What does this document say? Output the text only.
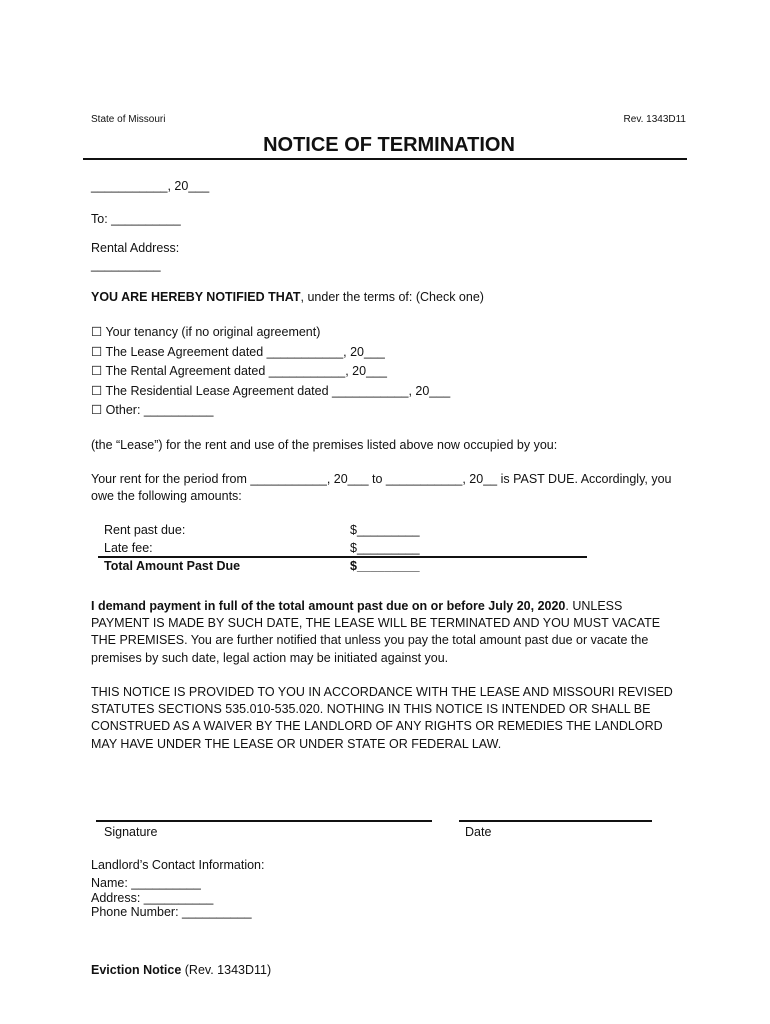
State of Missouri	Rev. 1343D11
NOTICE OF TERMINATION
___________, 20___
To: __________
Rental Address:
__________
YOU ARE HEREBY NOTIFIED THAT, under the terms of: (Check one)
☐ Your tenancy (if no original agreement)
☐ The Lease Agreement dated ___________, 20___
☐ The Rental Agreement dated ___________, 20___
☐ The Residential Lease Agreement dated ___________, 20___
☐ Other: __________
(the “Lease”) for the rent and use of the premises listed above now occupied by you:
Your rent for the period from ___________, 20___ to ___________, 20__ is PAST DUE. Accordingly, you
owe the following amounts:
Rent past due:	$_________
Late fee:	$_________
Total Amount Past Due	$_________
I demand payment in full of the total amount past due on or before July 20, 2020. UNLESS
PAYMENT IS MADE BY SUCH DATE, THE LEASE WILL BE TERMINATED AND YOU MUST VACATE
THE PREMISES. You are further notified that unless you pay the total amount past due or vacate the
premises by such date, legal action may be initiated against you.
THIS NOTICE IS PROVIDED TO YOU IN ACCORDANCE WITH THE LEASE AND MISSOURI REVISED
STATUTES SECTIONS 535.010-535.020. NOTHING IN THIS NOTICE IS INTENDED OR SHALL BE
CONSTRUED AS A WAIVER BY THE LANDLORD OF ANY RIGHTS OR REMEDIES THE LANDLORD
MAY HAVE UNDER THE LEASE OR UNDER STATE OR FEDERAL LAW.
Signature	Date
Landlord’s Contact Information:
Name: __________
Address: __________
Phone Number: __________
Eviction Notice (Rev. 1343D11)
